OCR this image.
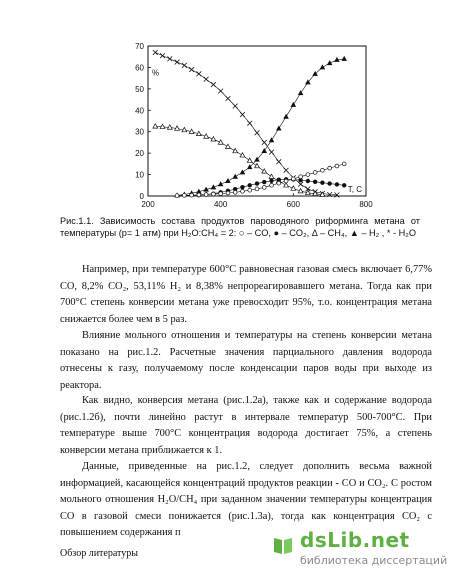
0
10
20
30
40
50
60
70
200	400	600	800
%
T, C
Рис.1.1. Зависимость состава продуктов пароводяного риформинга метана от температуры (р= 1 атм) при H₂O:CH₄ = 2: ○ – CO, ● – CO₂, Δ – CH₄, ▲ – H₂ , * - H₂O

Например, при температуре 600°C равновесная газовая смесь включает 6,77% CO, 8,2% CO₂, 53,11% H₂ и 8,38% непрореагировавшего метана. Тогда как при 700°C степень конверсии метана уже превосходит 95%, т.о. концентрация метана снижается более чем в 5 раз.

Влияние мольного отношения и температуры на степень конверсии метана показано на рис.1.2. Расчетные значения парциального давления водорода отнесены к газу, получаемому после конденсации паров воды при выходе из реактора.

Как видно, конверсия метана (рис.1.2а), также как и содержание водорода (рис.1.2б), почти линейно растут в интервале температур 500-700°C. При температуре выше 700°C концентрация водорода достигает 75%, а степень конверсии метана приближается к 1.

Данные, приведенные на рис.1.2, следует дополнить весьма важной информацией, касающейся концентраций продуктов реакции - CO и CO₂. С ростом мольного отношения H₂O/CH₄ при заданном значении температуры концентрация CO в газовой смеси понижается (рис.1.3а), тогда как концентрация CO₂ с повышением содержания п

Обзор литературы
dsLib.net
библиотека диссертаций
